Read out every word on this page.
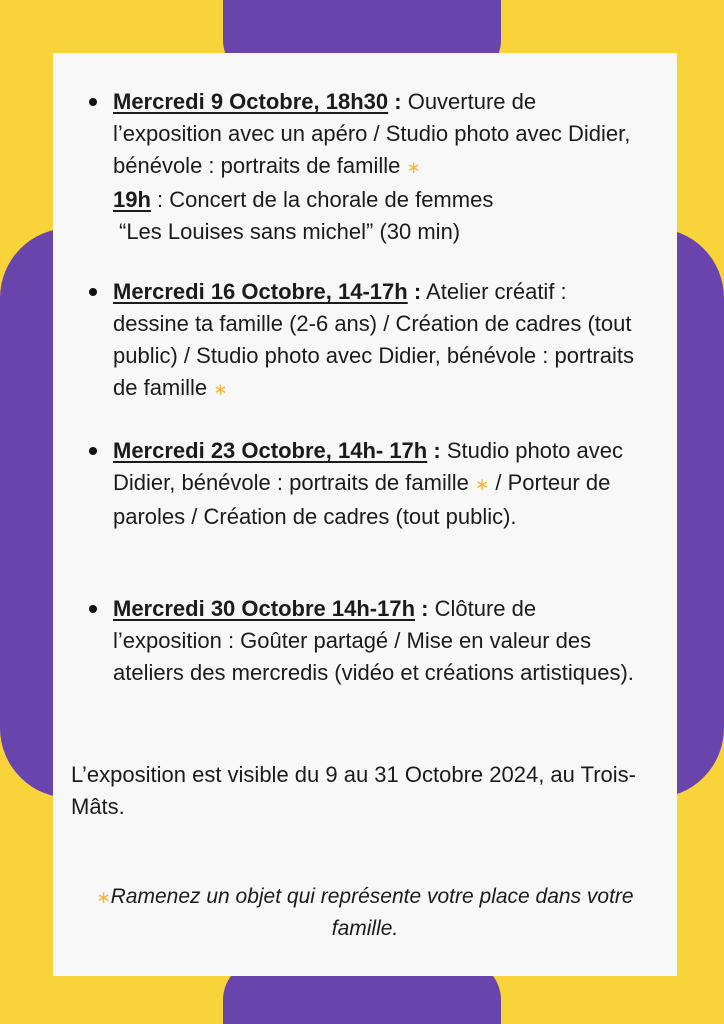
Mercredi 9 Octobre, 18h30 : Ouverture de l’exposition avec un apéro / Studio photo avec Didier, bénévole : portraits de famille ∗
19h : Concert de la chorale de femmes
“Les Louises sans michel” (30 min)
Mercredi 16 Octobre, 14-17h : Atelier créatif : dessine ta famille (2-6 ans) / Création de cadres (tout public) / Studio photo avec Didier, bénévole : portraits de famille ∗
Mercredi 23 Octobre, 14h- 17h : Studio photo avec Didier, bénévole : portraits de famille ∗ / Porteur de paroles / Création de cadres (tout public).
Mercredi 30 Octobre 14h-17h : Clôture de l’exposition : Goûter partagé / Mise en valeur des ateliers des mercredis (vidéo et créations artistiques).
L’exposition est visible du 9 au 31 Octobre 2024, au Trois-Mâts.
∗Ramenez un objet qui représente votre place dans votre famille.
